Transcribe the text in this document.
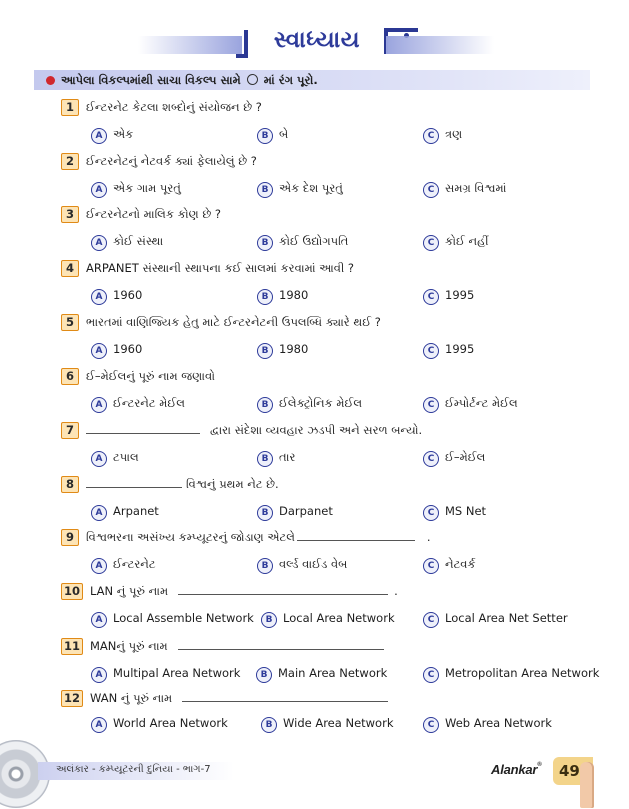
સ્વાધ્યાય
આપેલા વિકલ્પમાંથી સાચા વિકલ્પ સામે માં રંગ પૂરો.
1	ઈન્ટરનેટ કેટલા શબ્દોનું સંયોજન છે ?
A એક	B બે	C ત્રણ
2	ઈન્ટરનેટનું નેટવર્ક ક્યાં ફેલાયેલું છે ?
A એક ગામ પૂરતું	B એક દેશ પૂરતું	C સમગ્ર વિશ્વમાં
3	ઈન્ટરનેટનો માલિક કોણ છે ?
A કોઈ સંસ્થા	B કોઈ ઉદ્યોગપતિ	C કોઈ નહીં
4	ARPANET સંસ્થાની સ્થાપના કઈ સાલમાં કરવામાં આવી ?
A 1960	B 1980	C 1995
5	ભારતમાં વાણિજ્યિક હેતુ માટે ઈન્ટરનેટની ઉપલબ્ધિ ક્યારે થઈ ?
A 1960	B 1980	C 1995
6	ઈ–મેઈલનું પૂરું નામ જણાવો
A ઈન્ટરનેટ મેઈલ	B ઈલેક્ટ્રોનિક મેઈલ	C ઈમ્પોર્ટન્ટ મેઈલ
7	દ્વારા સંદેશા વ્યવહાર ઝડપી અને સરળ બન્યો.
A ટપાલ	B તાર	C ઈ–મેઈલ
8	વિશ્વનું પ્રથમ નેટ છે.
A Arpanet	B Darpanet	C MS Net
9	વિશ્વભરના અસંખ્ય કમ્પ્યૂટરનું જોડાણ એટલે	.
A ઈન્ટરનેટ	B વર્લ્ડ વાઈડ વેબ	C નેટવર્ક
10 LAN નું પૂરું નામ	.
A Local Assemble Network	B Local Area Network	C Local Area Net Setter
11 MANનું પૂરું નામ
A Multipal Area Network	B Main Area Network	C Metropolitan Area Network
12 WAN નું પૂરું નામ
A World Area Network	B Wide Area Network	C Web Area Network
અલંકાર - કમ્પ્યૂટરની દુનિયા - ભાગ-7	Alankar® 49
